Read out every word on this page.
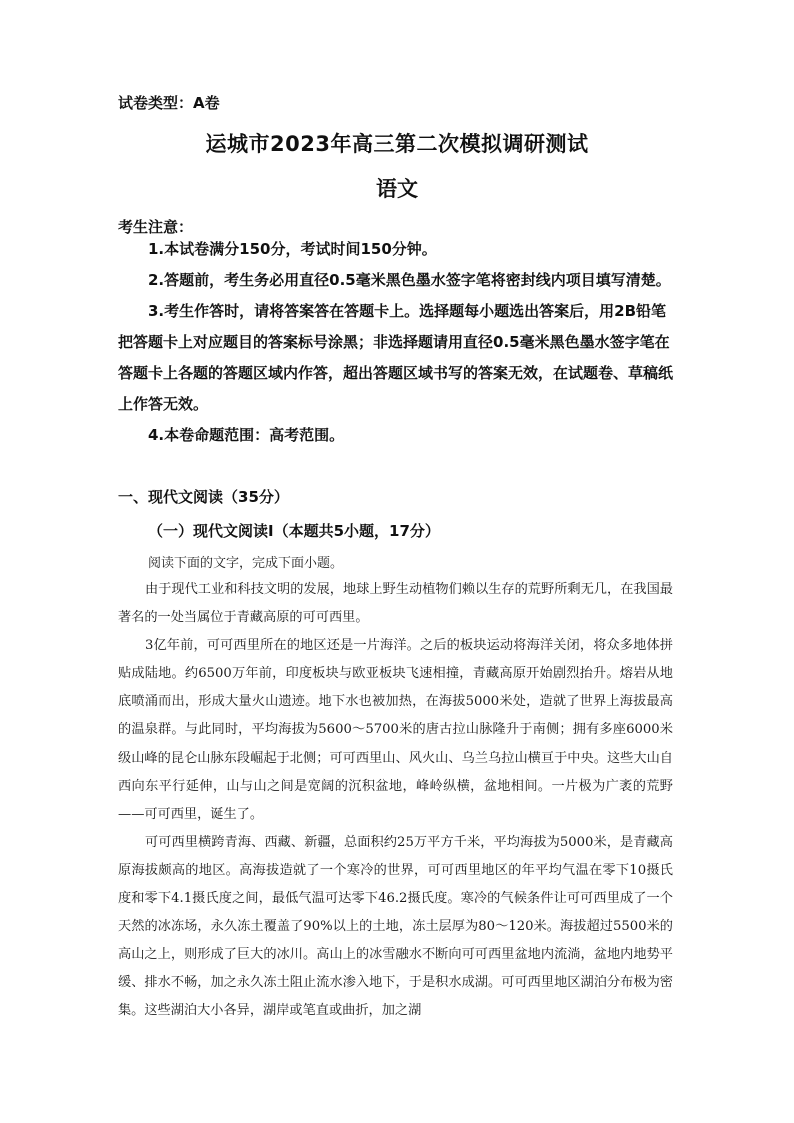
试卷类型：A卷
运城市2023年高三第二次模拟调研测试
语文
考生注意：

1.本试卷满分150分，考试时间150分钟。

2.答题前，考生务必用直径0.5毫米黑色墨水签字笔将密封线内项目填写清楚。

3.考生作答时，请将答案答在答题卡上。选择题每小题选出答案后，用2B铅笔把答题卡上对应题目的答案标号涂黑；非选择题请用直径0.5毫米黑色墨水签字笔在答题卡上各题的答题区域内作答，超出答题区域书写的答案无效，在试题卷、草稿纸上作答无效。

4.本卷命题范围：高考范围。

一、现代文阅读（35分）
（一）现代文阅读Ⅰ（本题共5小题，17分）
阅读下面的文字，完成下面小题。

由于现代工业和科技文明的发展，地球上野生动植物们赖以生存的荒野所剩无几，在我国最著名的一处当属位于青藏高原的可可西里。

3亿年前，可可西里所在的地区还是一片海洋。之后的板块运动将海洋关闭，将众多地体拼贴成陆地。约6500万年前，印度板块与欧亚板块飞速相撞，青藏高原开始剧烈抬升。熔岩从地底喷涌而出，形成大量火山遗迹。地下水也被加热，在海拔5000米处，造就了世界上海拔最高的温泉群。与此同时，平均海拔为5600～5700米的唐古拉山脉隆升于南侧；拥有多座6000米级山峰的昆仑山脉东段崛起于北侧；可可西里山、风火山、乌兰乌拉山横亘于中央。这些大山自西向东平行延伸，山与山之间是宽阔的沉积盆地，峰岭纵横，盆地相间。一片极为广袤的荒野——可可西里，诞生了。

可可西里横跨青海、西藏、新疆，总面积约25万平方千米，平均海拔为5000米，是青藏高原海拔颇高的地区。高海拔造就了一个寒冷的世界，可可西里地区的年平均气温在零下10摄氏度和零下4.1摄氏度之间，最低气温可达零下46.2摄氏度。寒冷的气候条件让可可西里成了一个天然的冰冻场，永久冻土覆盖了90%以上的土地，冻土层厚为80～120米。海拔超过5500米的高山之上，则形成了巨大的冰川。高山上的冰雪融水不断向可可西里盆地内流淌，盆地内地势平缓、排水不畅，加之永久冻土阻止流水渗入地下，于是积水成湖。可可西里地区湖泊分布极为密集。这些湖泊大小各异，湖岸或笔直或曲折，加之湖
